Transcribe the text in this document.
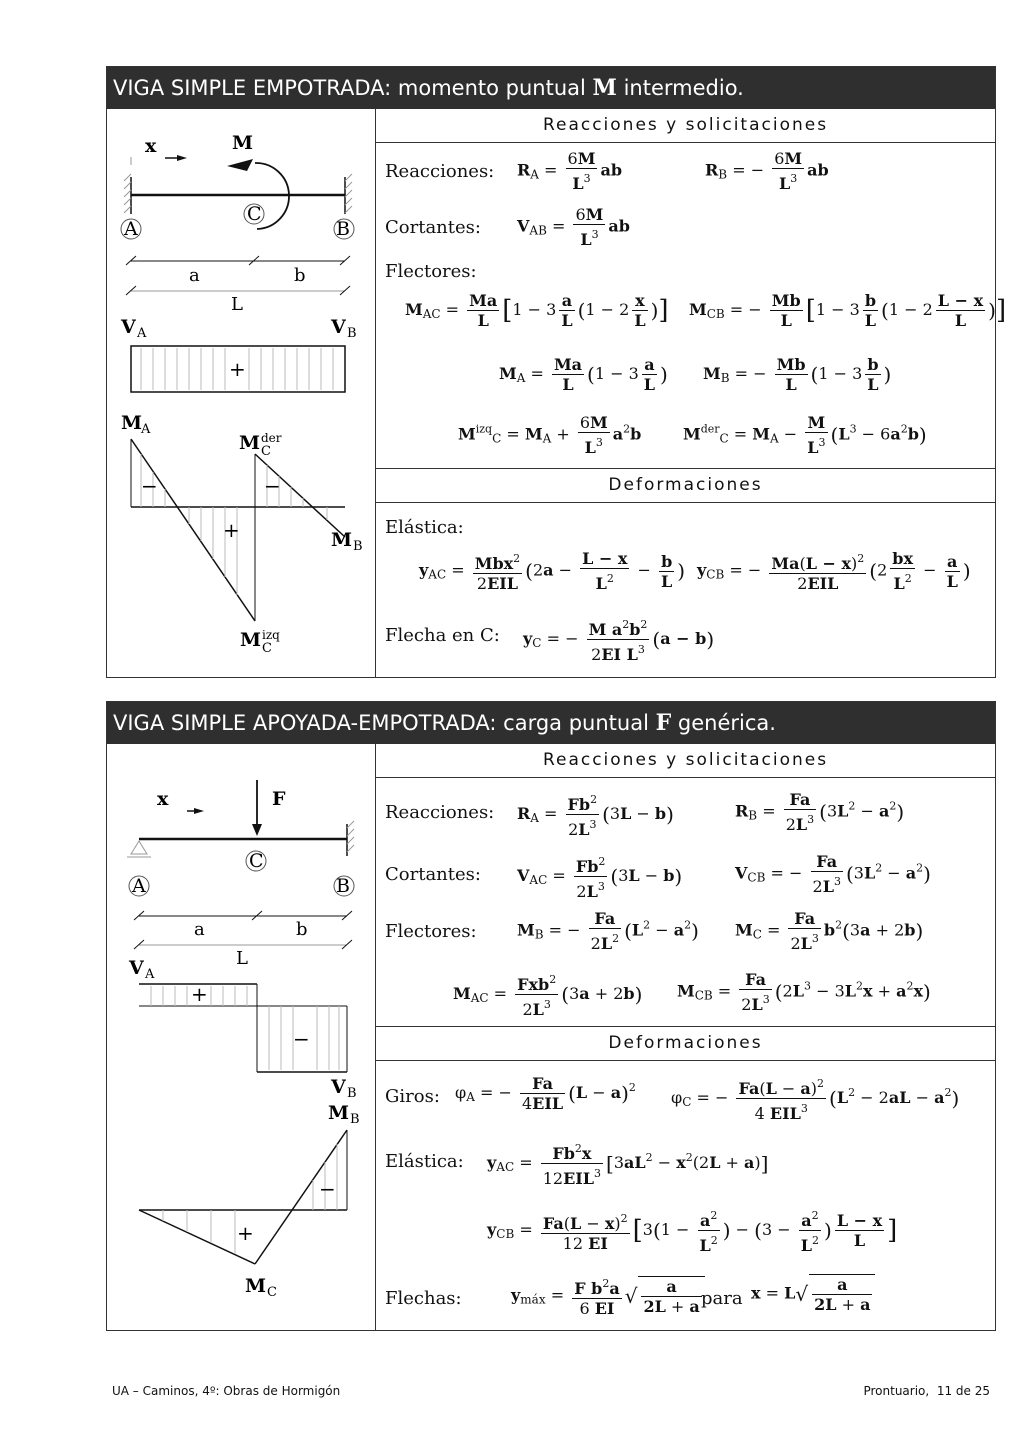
VIGA SIMPLE EMPOTRADA: momento puntual M intermedio.
x	M
C
A	B
a	b
L
V A	V B
+
M
A
M der
C
−	−
+	M B
M izq
C
Reacciones y solicitaciones
Reacciones: RA = $\frac{6M}{L^3}$ ab	RB = − $\frac{6M}{L^3}$ ab
Cortantes: VAB = $\frac{6M}{L^3}$ ab
Flectores:
MAC = $\frac{Ma}{L} [1 - 3 \frac{a}{L} (1 - 2 \frac{x}{L}$ )] MCB = − $\frac{Mb}{L} [1 - 3 \frac{b}{L} (1 - 2 \frac{L - x}{L}$ )]
MA = $\frac{Ma}{L} (1 - 3 \frac{a}{L}$ ) MB = − $\frac{Mb}{L} (1 - 3 \frac{b}{L}$ )
$M^{izq}C$ = MA + $\frac{6M}{L^3} a^2b$	$M^{der}C$ = MA − $\frac{M}{L^3} (L^3 - 6a^2b)$
Deformaciones
Elástica:
yAC = Mbx$^2$
2EIL
($2a - \frac{L - x}{L^2} - \frac{b}{L}$ ) yCB = − $Ma(L - x)^2$
2EIL
($2 \frac{bx}{L^2} - \frac{a}{L}$ )
Flecha en C: yC = − $\frac{M a^2b^2}{2EI L^3} (a - b)$
VIGA SIMPLE APOYADA-EMPOTRADA: carga puntual F genérica.
x	F
C
A	B
a	b
L
V A
+
−
V B
M B
+
−
M C
Reacciones y solicitaciones
Reacciones: RA = $\frac{Fb^2}{2L^3} (3L - b)$	RB = $\frac{Fa}{2L^3} (3L^2 - a^2)$
Cortantes: VAC = $\frac{Fb^2}{2L^3} (3L - b)$	VCB = − $\frac{Fa}{2L^3} (3L^2 - a^2)$
Flectores:	MB = − $\frac{Fa}{2L^2} (L^2 - a^2)$ MC = $\frac{Fa}{2L^3} b^2(3a + 2b)$
MAC = Fxb$^2$
$2L^3$ (3a + 2b) MCB = $\frac{Fa}{2L^3} (2L^3 - 3L^2x + a^2x)$
Deformaciones
Giros: φA = − Fa
4EIL $(L - a)^2$
φC = − $Fa(L - a)^2$
4 EIL$^3$	$(L^2 - 2aL - a^2)$
Elástica: yAC = $Fb^2x$
12EIL$^3$ $[3aL^2 - x^2(2L + a)]$
yCB = $\frac{Fa(L - x)^2}{12 EI} [3(1 - \frac{a^2}{L^2}$ ) − ($3 - \frac{a^2}{L^2}$ ) $\frac{L - x}{L}$ ]
Flechas:	ymáx = $\frac{F b^2a}{6 EI}$ √ $\frac{a}{2L + a}$ para $x = L√ \frac{a}{2L + a}$
UA – Caminos, 4º: Obras de Hormigón	Prontuario,  11 de 25
